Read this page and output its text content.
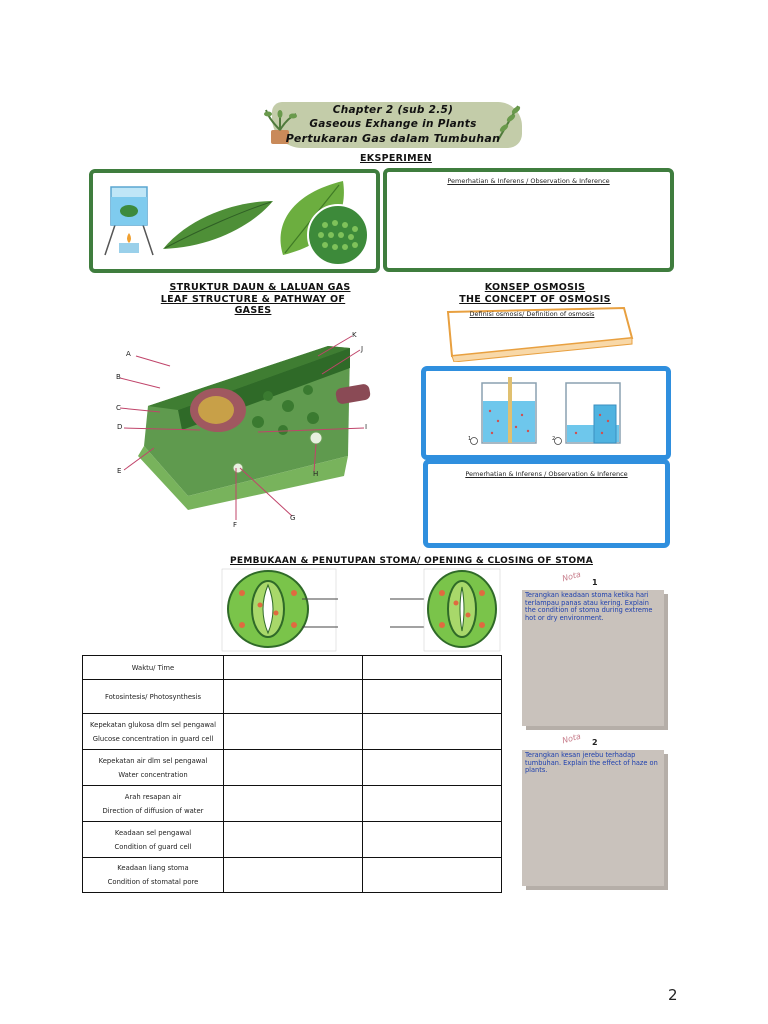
Chapter 2 (sub 2.5)
Gaseous Exhange in Plants
Pertukaran Gas dalam Tumbuhan
EKSPERIMEN
Pemerhatian & Inferens / Observation & Inference
STRUKTUR DAUN & LALUAN GAS
LEAF STRUCTURE & PATHWAY OF GASES
A
B
C
D
E
F
G
H
I
J
K
KONSEP OSMOSIS
THE CONCEPT OF OSMOSIS
Definisi osmosis/ Definition of osmosis
1	2
Pemerhatian & Inferens / Observation & Inference
PEMBUKAAN & PENUTUPAN STOMA/ OPENING & CLOSING OF STOMA
Waktu/ Time		

Fotosintesis/ Photosynthesis		

Kepekatan glukosa dlm sel pengawal
Glucose concentration in guard cell		

Kepekatan air dlm sel pengawal
Water concentration		

Arah resapan air
Direction of diffusion of water		

Keadaan sel pengawal
Condition of guard cell		

Keadaan liang stoma
Condition of stomatal pore		

Nota 1
Terangkan keadaan stoma ketika hari terlampau panas atau kering. Explain the condition of stoma during extreme hot or dry environment.
Nota 2
Terangkan kesan jerebu terhadap tumbuhan. Explain the effect of haze on plants.
2
